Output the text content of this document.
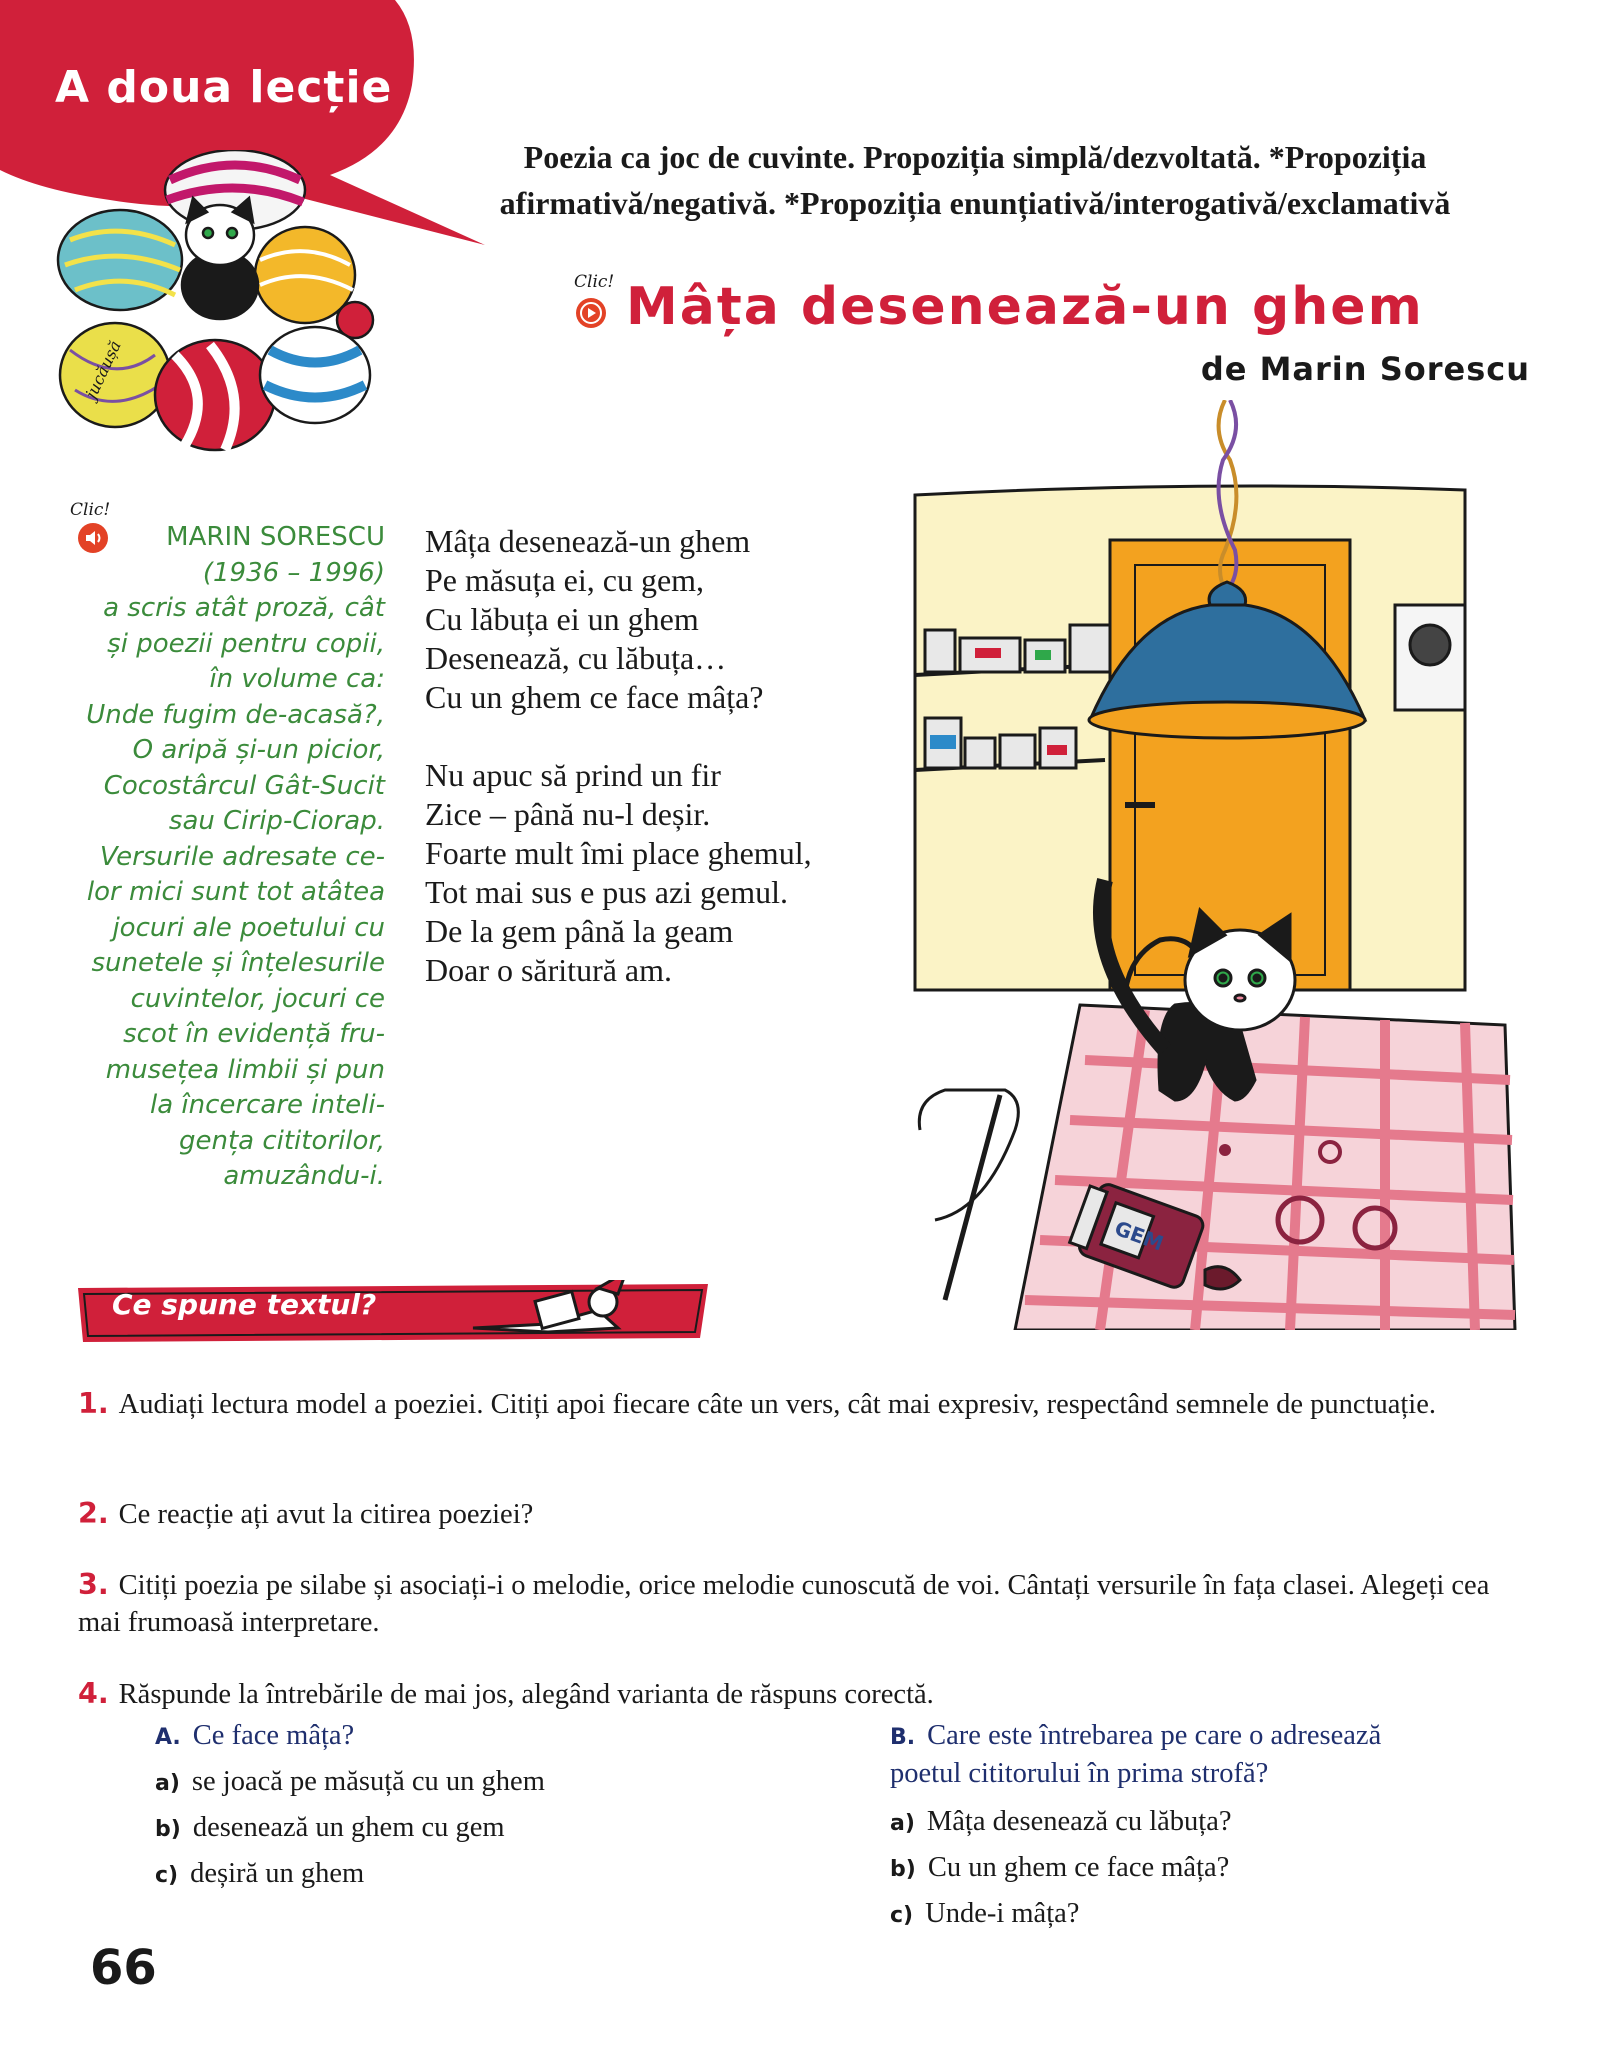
A doua lecție
Poezia ca joc de cuvinte. Propoziția simplă/dezvoltată. *Propoziția
afirmativă/negativă. *Propoziția enunțiativă/interogativă/exclamativă
jucăușă
Clic! Mâța desenează-un ghem
de Marin Sorescu
Clic!
MARIN SORESCU
(1936 – 1996)
a scris atât proză, cât
și poezii pentru copii,
în volume ca:
Unde fugim de-acasă?,
O aripă și-un picior,
Cocostârcul Gât-Sucit
sau Cirip-Ciorap.
Versurile adresate ce-
lor mici sunt tot atâtea
jocuri ale poetului cu
sunetele și înțelesurile
cuvintelor, jocuri ce
scot în evidență fru-
musețea limbii și pun
la încercare inteli-
gența cititorilor,
amuzându-i.
Mâța desenează-un ghem
Pe măsuța ei, cu gem,
Cu lăbuța ei un ghem
Desenează, cu lăbuța…
Cu un ghem ce face mâța?
Nu apuc să prind un fir
Zice – până nu-l deșir.
Foarte mult îmi place ghemul,
Tot mai sus e pus azi gemul.
De la gem până la geam
Doar o săritură am.
GEM
Ce spune textul?
1. Audiați lectura model a poeziei. Citiți apoi fiecare câte un vers, cât mai expresiv, respectând semnele de punctuație.
2. Ce reacție ați avut la citirea poeziei?
3. Citiți poezia pe silabe și asociați-i o melodie, orice melodie cunoscută de voi. Cântați versurile în fața clasei. Alegeți cea mai frumoasă interpretare.
4. Răspunde la întrebările de mai jos, alegând varianta de răspuns corectă.
A. Ce face mâța?
a) se joacă pe măsuță cu un ghem
b) desenează un ghem cu gem
c) deșiră un ghem
B. Care este întrebarea pe care o adresează
poetul cititorului în prima strofă?
a) Mâța desenează cu lăbuța?
b) Cu un ghem ce face mâța?
c) Unde-i mâța?
66
